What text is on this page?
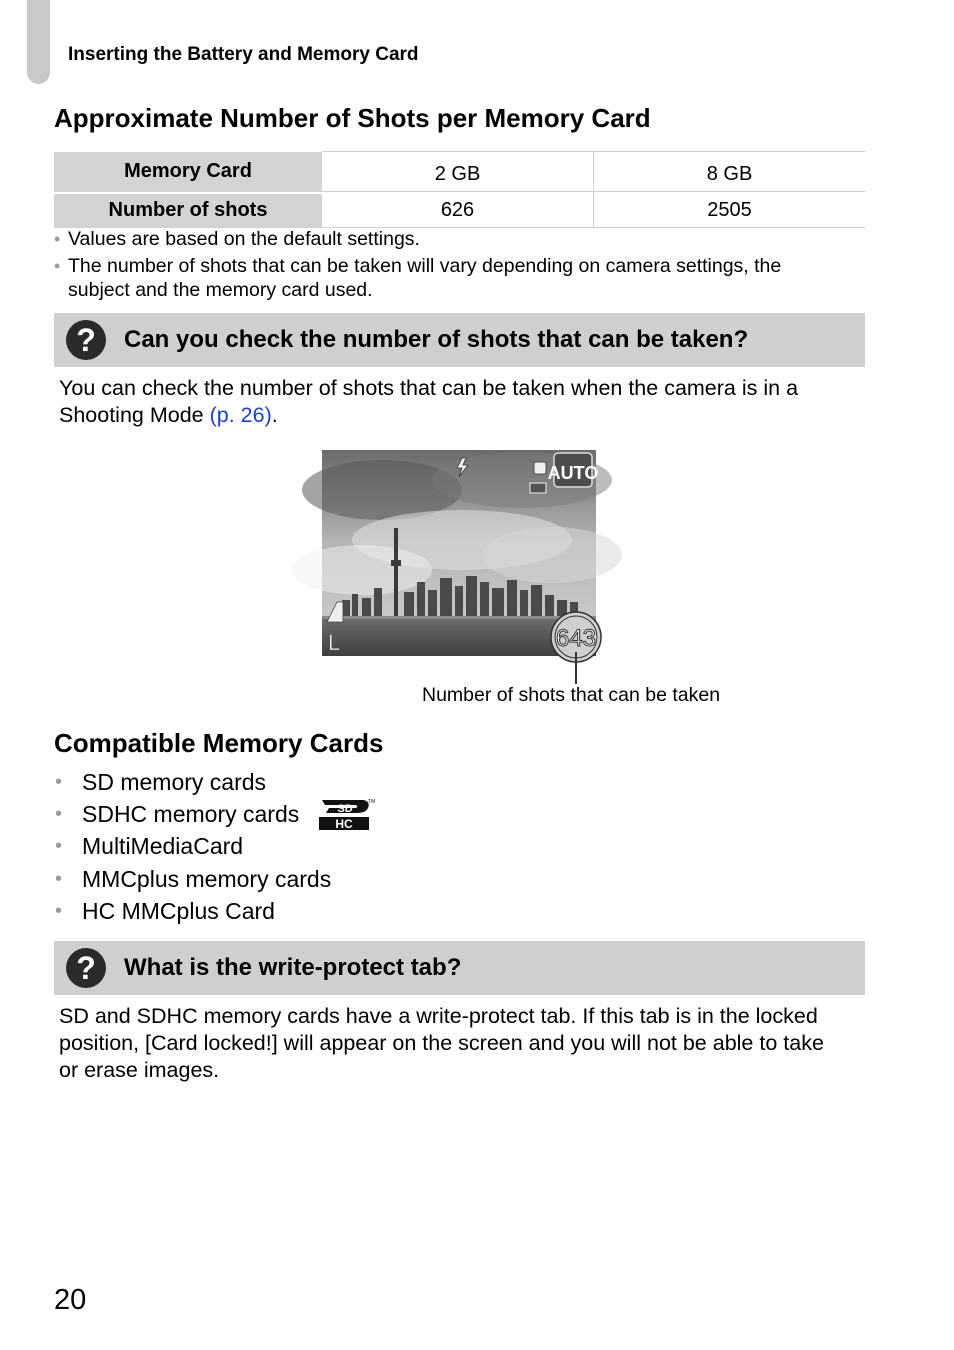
Inserting the Battery and Memory Card
Approximate Number of Shots per Memory Card
Memory Card	2 GB	8 GB

Number of shots	626	2505
• Values are based on the default settings.
• The number of shots that can be taken will vary depending on camera settings, the
subject and the memory card used.
?	Can you check the number of shots that can be taken?
You can check the number of shots that can be taken when the camera is in a
Shooting Mode (p. 26).
AUTO
L	643
Number of shots that can be taken
Compatible Memory Cards
• SD memory cards
• SDHC memory cards	SD
HC
TM
• MultiMediaCard
• MMCplus memory cards
• HC MMCplus Card
?	What is the write-protect tab?
SD and SDHC memory cards have a write-protect tab. If this tab is in the locked
position, [Card locked!] will appear on the screen and you will not be able to take
or erase images.
20
